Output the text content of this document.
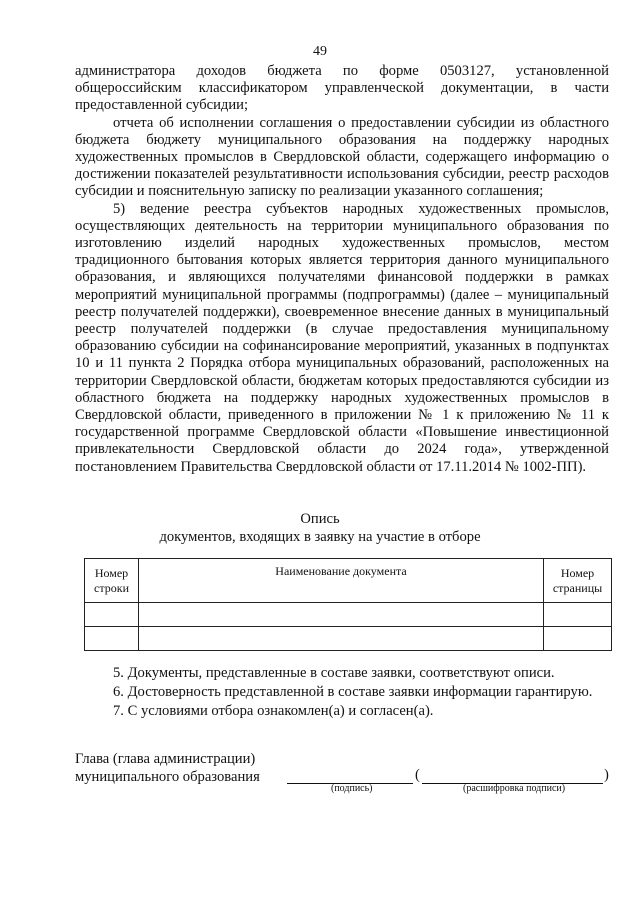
49

администратора доходов бюджета по форме 0503127, установленной общероссийским классификатором управленческой документации, в части предоставленной субсидии;

отчета об исполнении соглашения о предоставлении субсидии из областного бюджета бюджету муниципального образования на поддержку народных художественных промыслов в Свердловской области, содержащего информацию о достижении показателей результативности использования субсидии, реестр расходов субсидии и пояснительную записку по реализации указанного соглашения;

5) ведение реестра субъектов народных художественных промыслов, осуществляющих деятельность на территории муниципального образования по изготовлению изделий народных художественных промыслов, местом традиционного бытования которых является территория данного муниципального образования, и являющихся получателями финансовой поддержки в рамках мероприятий муниципальной программы (подпрограммы) (далее – муниципальный реестр получателей поддержки), своевременное внесение данных в муниципальный реестр получателей поддержки (в случае предоставления муниципальному образованию субсидии на софинансирование мероприятий, указанных в подпунктах 10 и 11 пункта 2 Порядка отбора муниципальных образований, расположенных на территории Свердловской области, бюджетам которых предоставляются субсидии из областного бюджета на поддержку народных художественных промыслов в Свердловской области, приведенного в приложении № 1 к приложению № 11 к государственной программе Свердловской области «Повышение инвестиционной привлекательности Свердловской области до 2024 года», утвержденной постановлением Правительства Свердловской области от 17.11.2014 № 1002-ПП).

Опись
документов, входящих в заявку на участие в отборе
Номер строки	Наименование документа	Номер страницы

5. Документы, представленные в составе заявки, соответствуют описи.

6. Достоверность представленной в составе заявки информации гарантирую.

7. С условиями отбора ознакомлен(а) и согласен(а).

Глава (глава администрации)
муниципального образования	(	)
(подпись)	(расшифровка подписи)
